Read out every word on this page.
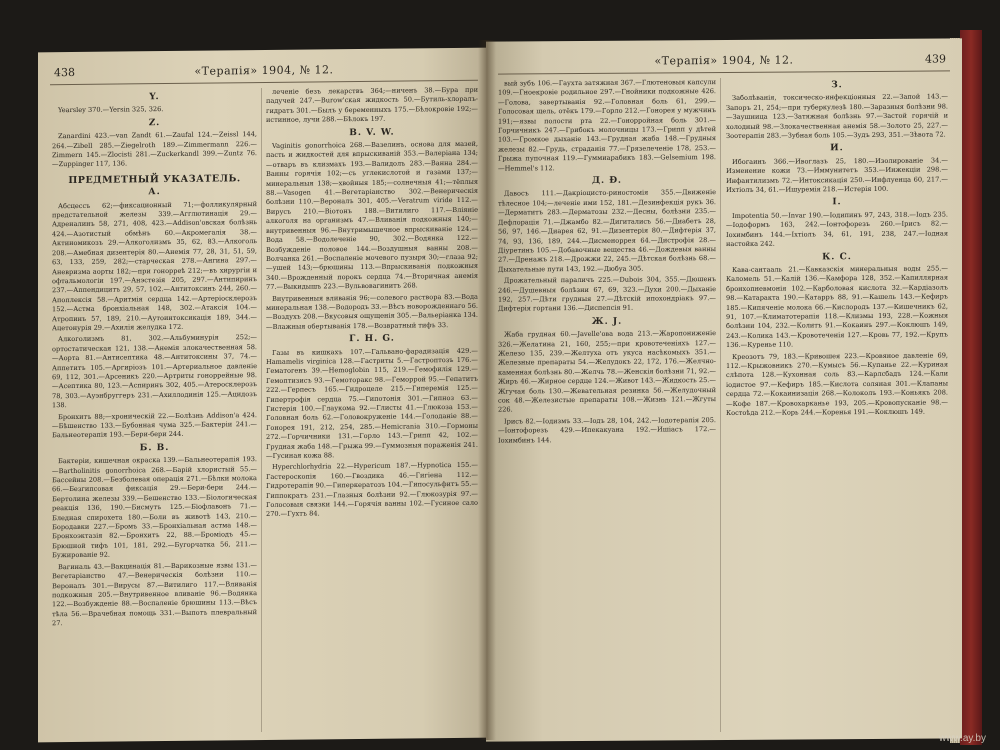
438	«Терапія» 1904, № 12.
Y.
Yearsley 370.—Yersin 325, 326.
Z.
Zanardini 423.—van Zandt 61.—Zaufal 124.—Zeissl 144, 264.—Zibell 285.—Ziegelroth 189.—Zimmermann 226.—Zimmern 145.—Zlocisti 281.—Zuckerkandl 399.—Zuntz 76.—Zuppinger 117, 136.
ПРЕДМЕТНЫЙ УКАЗАТЕЛЬ.
А.
Абсцессъ 62;—фиксационный 71;—фолликулярный предстательной железы 339.—Агглютинація 29.—Адреналинъ 58, 271, 408, 423.—Addison'овская болѣзнь 424.—Азотистый обмѣнъ 60.—Акромегалія 38.—Актиномикозъ 29.—Алкоголизмъ 35, 62, 83.—Алкоголь 208.—Амебная дизентерія 80.—Анемія 77, 28, 31, 51, 59, 63, 133, 259, 282;—старческая 278.—Ангина 297.—Аневризма аорты 182;—при гонорреѣ 212;—въ хирургіи и офтальмологіи 197.—Анэстезія 205, 297.—Антипиринъ 237.—Аппендицитъ 29, 57, 102.—Антитоксинъ 244, 260.—Апоплексія 58.—Аритмія сердца 142.—Артеріосклерозъ 152.—Астма бронхіальная 148, 302.—Атаксія 104.—Атропинъ 57, 189, 210.—Аутоинтоксикація 189, 344.—Ацетонурія 29.—Ахилія желудка 172.
Алкоголизмъ 81, 302.—Альбуминурія 252;—ортостатическая 121, 138.—Анемія злокачественная 58.—Аорта 81.—Антисептика 48.—Антитоксины 37, 74.—Аппетитъ 105.—Аргиріозъ 101.—Артериальное давленіе 69, 112, 301.—Арсеникъ 220.—Артриты гоноррейные 98.—Асептика 80, 123.—Аспиринъ 302, 405.—Атеросклерозъ 78, 303.—Ауэнбруггеръ 231.—Ахиллодинія 125.—Ацидозъ 138.
Бронхитъ 88;—хроническій 22.—Болѣзнь Addison'a 424.—Бѣшенство 133.—Бубонная чума 325.—Бактеріи 241.—Бальнеотерапія 193.—Бери-бери 244.
Б. В.
Бактеріи, кишечная окраска 139.—Бальнеотерапія 193.—Bartholinitis gonorrhoica 268.—Барій хлористый 55.—Бассейны 208.—Безболевая операція 271.—Бѣлки молока 66.—Безгипсовая фиксація 29.—Бери-бери 244.—Бертолина железы 339.—Бешенство 133.—Біологическая реакція 136, 190.—Бисмутъ 125.—Біофлавонъ 71.—Бледная спирохета 180.—Боли въ животѣ 143, 210.—Бородавки 227.—Бромъ 33.—Бронхіальная астма 148.—Бронхоэктазія 82.—Бронхитъ 22, 88.—Броміодъ 45.—Брюшной тифъ 101, 181, 292.—Бугорчатка 56, 211.—Бужированіе 92.
Вагиналь 43.—Вакцинація 81.—Варикозные язвы 131.—Вегетаріанство 47.—Венерическія болѣзни 110.—Вероналъ 301.—Вирусы 87.—Витилиго 117.—Вливанія подкожныя 205.—Внутривенное вливаніе 96.—Водянка 122.—Возбужденіе 88.—Воспаленіе брюшины 113.—Вѣсъ тѣла 56.—Врачебная помощь 331.—Выпотъ плевральный 27.
леченіе безъ лекарствъ 364;—ниченъ 38.—Бура при падучей 247.—Burow'ская жидкость 50.—Бутиль-хлоралъ-гидратъ 301.—Былъ у беременныхъ 175.—Бѣлокровіе 192;—истинное, лучи 288.—Бѣлокъ 197.
B. V. W.
Vaginitis gonorrhoica 268.—Вазелинъ, основа для мазей, пасть и жидкостей для впрыскиваній 353.—Валеріана 134;—отваръ въ клизмахъ 193.—Валидолъ 283.—Ванна 284.—Ванны горячія 102;—съ углекислотой и газами 137;—минеральныя 138;—хвойныя 185;—солнечныя 41;—тёплыя 88.—Vasogen 41.—Вегетаріанство 302.—Венерическія болѣзни 110.—Вероналъ 301, 405.—Veratrum viride 112.—Вирусъ 210.—Віотонъ 188.—Витилиго 117.—Вліяніе алкоголя на организмъ 47.—Вливанія подкожныя 140;—внутривенныя 96.—Внутримышечное впрыскиваніе 124.—Вода 58.—Водолеченіе 90, 302.—Водянка 122.—Возбужденіе половое 144.—Воздушныя ванны 208.—Волчанка 261.—Воспаленіе мочевого пузыря 30;—глаза 92;—ушей 143;—брюшины 113.—Впрыскиванія подкожныя 340.—Врожденный порокъ сердца 74.—Вторичная анемія 77.—Выкидышъ 223.—Вульвовагинитъ 268.
Внутривенныя вливанія 96;—солевого раствора 83.—Вода минеральная 138.—Водородъ 33.—Вѣсъ новорожденнаго 56.—Воздухъ 208.—Вкусовыя ощущенія 305.—Вальеріанка 134.—Влажныя обертыванія 178.—Возвратный тифъ 33.
Г. Н. G.
Газы въ кишкахъ 107.—Гальвано-фарадизація 429.—Hamamelis virginica 128.—Гастриты 5.—Гастроптозъ 176.—Гематогенъ 39.—Hemoglobin 115, 219.—Гемофилія 129.—Гемоптизисъ 93.—Гемоторакс 98.—Геморрой 95.—Гепатитъ 222.—Герпесъ 165.—Гидроцеле 215.—Гиперемія 125.—Гипертрофія сердца 75.—Гипотонія 301.—Гипноз 63.—Гистерія 100.—Глаукома 92.—Глисты 41.—Глюкоза 153.—Головная боль 62.—Головокруженіе 144.—Голоданіе 88.—Гонорея 191, 212, 254, 285.—Hemicrania 310.—Гормоны 272.—Горчичники 131.—Горло 143.—Грипп 42, 102.—Грудная жаба 148.—Грыжа 99.—Гуммозныя пораженія 241.—Гусиная кожа 88.
Hyperchlorhydria 22.—Hypericum 187.—Hypnotica 155.—Гастероскопія 160.—Гвоздика 46.—Гигіена 112.—Гидротерапія 90.—Гиперкератозъ 104.—Гипосульфитъ 55.—Гиппократъ 231.—Глазныя болѣзни 92.—Глюкозурія 97.—Голосовыя связки 144.—Горячія ванны 102.—Гусиное сало 270.—Гухтъ 84.
«Терапія» 1904, № 12.	439
вый зубъ 106.—Гаухта затяжная 367.—Глютеновыя капсули 109.—Гноекровіе родильное 297.—Гнойники подкожные 426.—Голова, завертыванія 92.—Головная боль 61, 299.—Голосовая щель, отёкъ 179.—Горло 212.—Гонорея у мужчинъ 191;—язвы полости рта 22.—Гонорройная боль 301.—Горчичникъ 247.—Грибокъ молочницы 173.—Грипп у дѣтей 103.—Громкое дыханіе 143.—Грудная жаба 148.—Грудныя железы 82.—Грудь, страданія 77.—Грязелеченіе 178, 253.—Грыжа пупочная 119.—Гуммиарабикъ 183.—Gelsemium 198.—Hemmel's 112.
Д. Ð.
Давосъ 111.—Дакріоцисто-риностомія 355.—Движеніе тѣлесное 104;—леченіе ими 152, 181.—Дезинфекція рукъ 36.—Дерматитъ 283.—Дерматозы 232.—Десны, болѣзни 235.—Дефлорація 71.—Джамбо 82.—Дигиталисъ 56.—Диабетъ 28, 56, 97, 146.—Диарея 62, 91.—Дизентерія 80.—Дифтерія 37, 74, 93, 136, 189, 244.—Дисменоррея 64.—Дистрофія 28.—Діуретинъ 105.—Добавочные вещества 46.—Дождевыя ванны 27.—Дренажъ 218.—Дрожжи 22, 245.—Дѣтская болѣзнь 68.—Дыхательные пути 143, 192.—Дюбуа 305.
Дрожательный параличъ 225.—Dubois 304, 355.—Дюшенъ 246.—Душевныя болѣзни 67, 69, 323.—Духи 200.—Дыханіе 192, 257.—Дѣти грудныя 27.—Дѣтскій ипохондріакъ 97.—Дифтерія гортани 136.—Диспепсія 91.
Ж. Ј.
Жаба грудная 60.—Javelle'ова вода 213.—Жаропониженіе 326.—Желатина 21, 160, 255;—при кровотеченіяхъ 127.—Железо 135, 239.—Желтуха отъ укуса насѣкомыхъ 351.—Железные препараты 54.—Желудокъ 22, 172, 176.—Желчно-каменная болѣзнь 80.—Желчь 78.—Женскія болѣзни 71, 92.—Жиръ 46.—Жирное сердце 124.—Живот 143.—Жидкость 25.—Жгучая боль 130.—Жевательная резинка 56.—Желудочный сок 48.—Железистые препараты 108.—Жизнь 121.—Жгуты 226.
Ірисъ 82.—Іодизмъ 33.—Іодъ 28, 104, 242.—Іодотерапія 205.—Іонтофорезъ 429.—Ипекакуана 192.—Ишіасъ 172.—Іохимбинъ 144.
З.
Заболѣванія, токсическо-инфекціонныя 22.—Запой 143.—Запоръ 21, 254;—при туберкулезѣ 180.—Заразныя болѣзни 98.—Заушница 123.—Затяжная болѣзнь 97.—Застой горячій и холодный 98.—Злокачественная анемія 58.—Золото 25, 227.—Зоотерапія 283.—Зубная боль 105.—Зудъ 293, 351.—Зѣвота 72.
И.
Ибогаинъ 366.—Ивоглазъ 25, 180.—Изолированіе 34.—Изменение кожи 73.—Иммунитетъ 353.—Инжекціи 298.—Инфантилизмъ 72.—Интоксикація 250.—Инфлуенца 60, 217.—Ихтіолъ 34, 61.—Ишуремія 218.—Истерія 100.
I.
Impotentia 50.—Invar 190.—Іодипинъ 97, 243, 318.—Іодъ 235.—Іодоформъ 163, 242.—Іонтофорезъ 260.—Ірисъ 82.—Іохимбинъ 144.—Іхтіолъ 34, 61, 191, 238, 247.—Іодная настойка 242.
К. С.
Кава-сантааль 21.—Кавказскія минеральныя воды 255.—Каломель 51.—Калій 136.—Камфора 128, 352.—Капиллярная бронхопневмонія 102.—Карболовая кислота 32.—Кардіазолъ 98.—Катаракта 190.—Катарръ 88, 91.—Кашель 143.—Кефиръ 185.—Кипяченіе молока 66.—Кислородъ 137.—Кишечникъ 62, 91, 107.—Климатотерапія 118.—Клизмы 193, 228.—Кожныя болѣзни 104, 232.—Колитъ 91.—Кокаинъ 297.—Коклюшъ 149, 243.—Колика 143.—Кровотеченія 127.—Кровь 77, 192.—Крупъ 136.—Куренье 110.
Креозотъ 79, 183.—Кривошея 223.—Кровяное давленіе 69, 112.—Крыжовникъ 270.—Кумысъ 56.—Купанье 22.—Куриная слѣпота 128.—Кухонная соль 83.—Карлсбадъ 124.—Кали іодистое 97.—Кефиръ 185.—Кислота соляная 301.—Клапаны сердца 72.—Кокаинизація 268.—Колоколъ 193.—Коньякъ 208.—Кофе 187.—Кровохарканье 193, 205.—Кровопусканіе 98.—Костоѣда 212.—Корь 244.—Коренья 191.—Коклюшъ 149.
www.ay.by
